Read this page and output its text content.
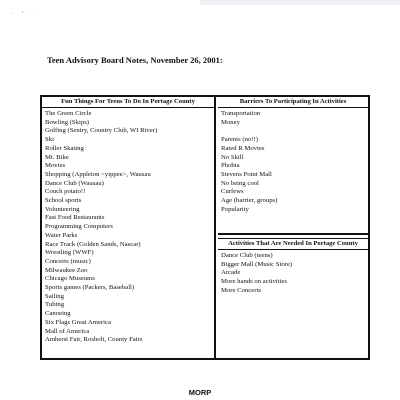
· ʼ ·
Teen Advisory Board Notes, November 26, 2001:
Fun Things For Teens To Do In Portage County
The Green Circle
Bowling (Skips)
Golfing (Sentry, Country Club, WI River)
Ski
Roller Skating
Mt. Bike
Movies
Shopping (Appleton <yippee>, Wausau
Dance Club (Wausau)
Couch potato!!
School sports
Volunteering
Fast Food Restaurants
Programming Computers
Water Parks
Race Track (Golden Sands, Nascar)
Wrestling (WWF)
Concerts (music)
Milwaukee Zoo
Chicago Museums
Sports games (Packers, Baseball)
Sailing
Tubing
Canoeing
Six Flags Great America
Mall of America
Amherst Fair, Rosholt, County Fairs
Barriers To Participating In Activities
Transportation
Money
Parents (no!!)
Rated R Movies
No Skill
Phobia
Stevens Point Mall
No being cool
Curfews
Age (barrier, groups)
Popularity
Activities That Are Needed In Portage County
Dance Club (teens)
Bigger Mall (Music Store)
Arcade
More hands on activities
More Concerts
MORP
